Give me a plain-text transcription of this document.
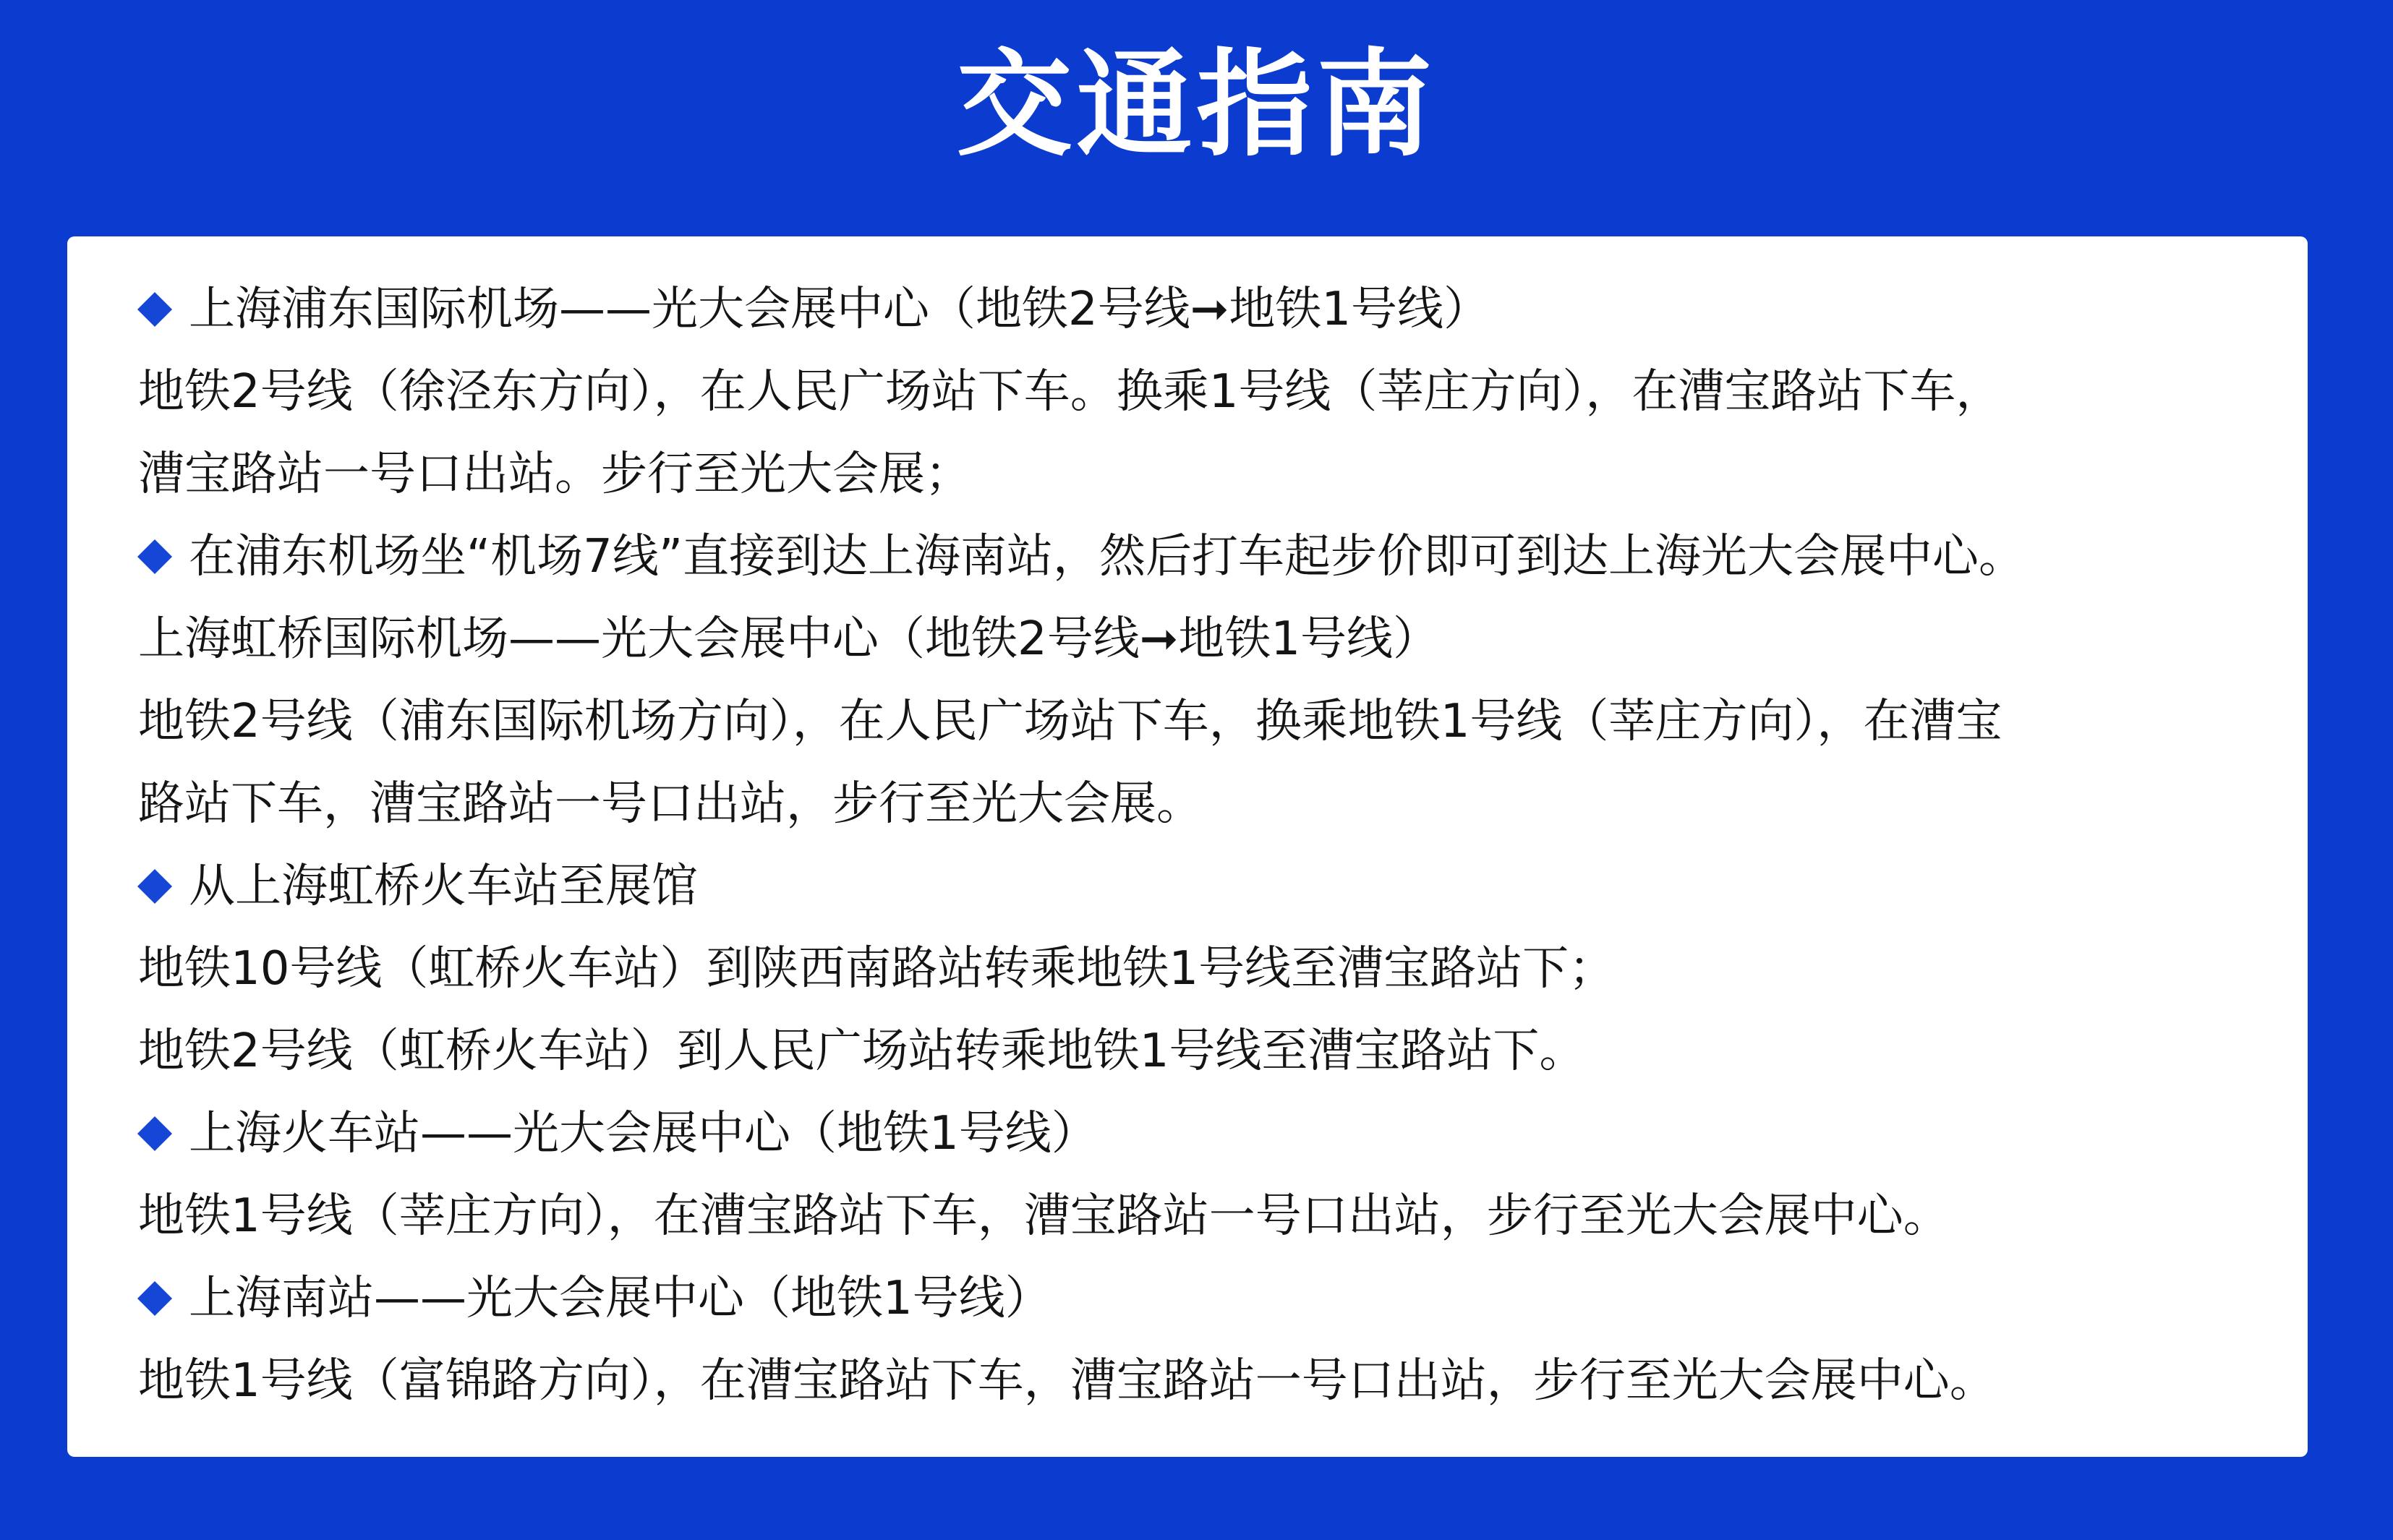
交通指南
上海浦东国际机场——光大会展中心（地铁2号线➞地铁1号线）
地铁2号线（徐泾东方向），在人民广场站下车。换乘1号线（莘庄方向），在漕宝路站下车，
漕宝路站一号口出站。步行至光大会展；
在浦东机场坐“机场7线”直接到达上海南站，然后打车起步价即可到达上海光大会展中心。
上海虹桥国际机场——光大会展中心（地铁2号线➞地铁1号线）
地铁2号线（浦东国际机场方向），在人民广场站下车，换乘地铁1号线（莘庄方向），在漕宝
路站下车，漕宝路站一号口出站，步行至光大会展。
从上海虹桥火车站至展馆
地铁10号线（虹桥火车站）到陕西南路站转乘地铁1号线至漕宝路站下；
地铁2号线（虹桥火车站）到人民广场站转乘地铁1号线至漕宝路站下。
上海火车站——光大会展中心（地铁1号线）
地铁1号线（莘庄方向），在漕宝路站下车，漕宝路站一号口出站，步行至光大会展中心。
上海南站——光大会展中心（地铁1号线）
地铁1号线（富锦路方向），在漕宝路站下车，漕宝路站一号口出站，步行至光大会展中心。
